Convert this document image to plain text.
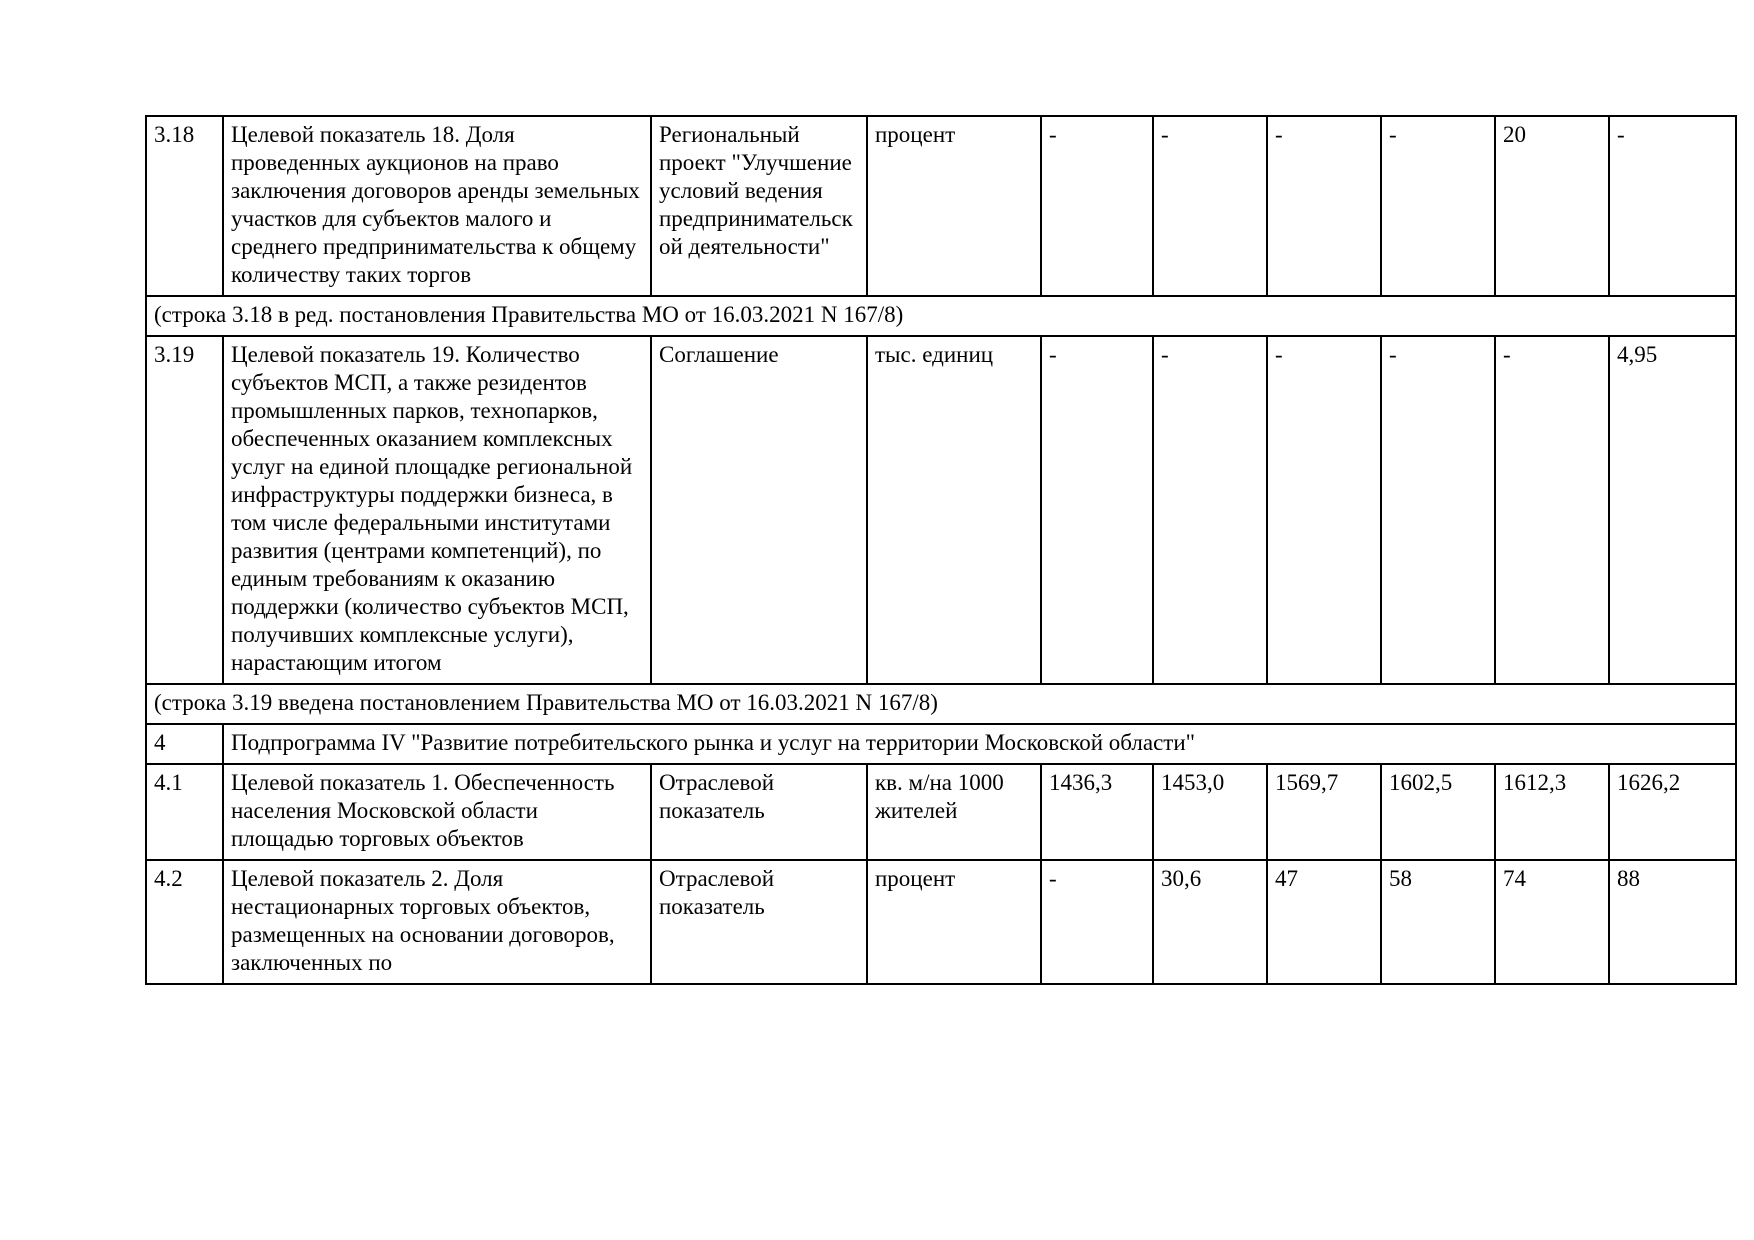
3.18	Целевой показатель 18. Доля проведенных аукционов на право заключения договоров аренды земельных участков для субъектов малого и среднего предпринимательства к общему количеству таких торгов	Региональный проект "Улучшение условий ведения предпринимательской деятельности"	процент	-	-	-	-	20	-
(строка 3.18 в ред. постановления Правительства МО от 16.03.2021 N 167/8)									
3.19	Целевой показатель 19. Количество субъектов МСП, а также резидентов промышленных парков, технопарков, обеспеченных оказанием комплексных услуг на единой площадке региональной инфраструктуры поддержки бизнеса, в том числе федеральными институтами развития (центрами компетенций), по единым требованиям к оказанию поддержки (количество субъектов МСП, получивших комплексные услуги), нарастающим итогом	Соглашение	тыс. единиц	-	-	-	-	-	4,95
(строка 3.19 введена постановлением Правительства МО от 16.03.2021 N 167/8)									
4	Подпрограмма IV "Развитие потребительского рынка и услуг на территории Московской области"								
4.1	Целевой показатель 1. Обеспеченность населения Московской области площадью торговых объектов	Отраслевой показатель	кв. м/на 1000 жителей	1436,3	1453,0	1569,7	1602,5	1612,3	1626,2
4.2	Целевой показатель 2. Доля нестационарных торговых объектов, размещенных на основании договоров, заключенных по	Отраслевой показатель	процент	-	30,6	47	58	74	88
